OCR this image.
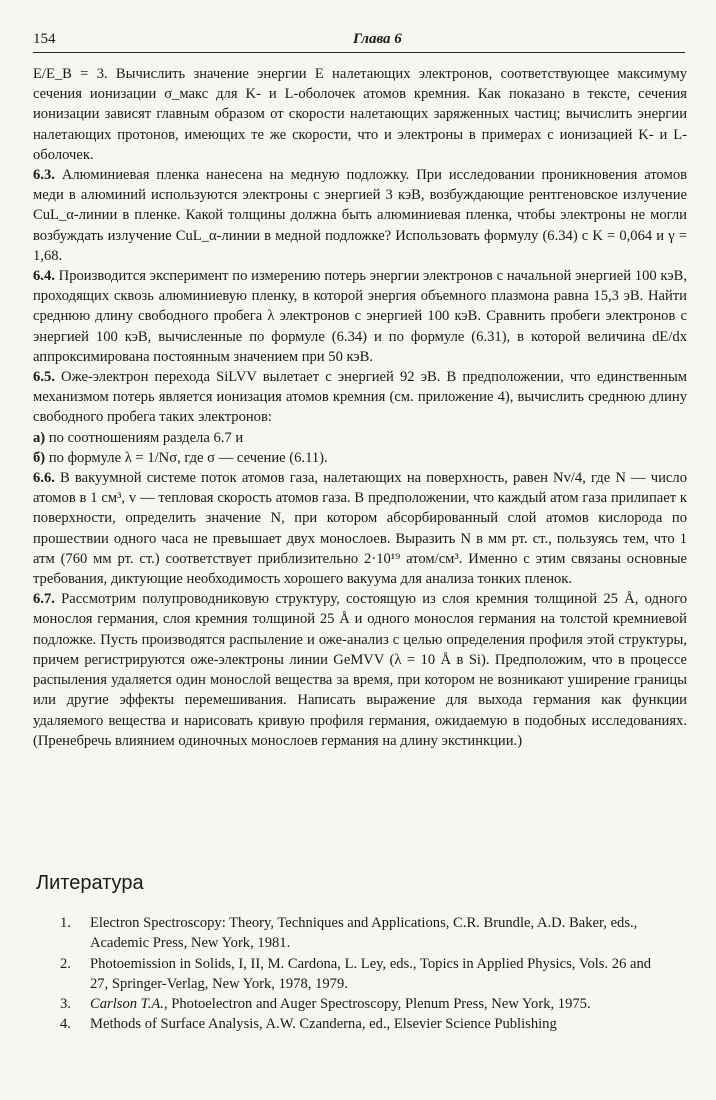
154	Глава 6

E/E_B = 3. Вычислить значение энергии E налетающих электронов, соответствующее максимуму сечения ионизации σ_макс для K- и L-оболочек атомов кремния. Как показано в тексте, сечения ионизации зависят главным образом от скорости налетающих заряженных частиц; вычислить энергии налетающих протонов, имеющих те же скорости, что и электроны в примерах с ионизацией K- и L-оболочек.

6.3. Алюминиевая пленка нанесена на медную подложку. При исследовании проникновения атомов меди в алюминий используются электроны с энергией 3 кэВ, возбуждающие рентгеновское излучение CuL_α-линии в пленке. Какой толщины должна быть алюминиевая пленка, чтобы электроны не могли возбуждать излучение CuL_α-линии в медной подложке? Использовать формулу (6.34) с K = 0,064 и γ = 1,68.

6.4. Производится эксперимент по измерению потерь энергии электронов с начальной энергией 100 кэВ, проходящих сквозь алюминиевую пленку, в которой энергия объемного плазмона равна 15,3 эВ. Найти среднюю длину свободного пробега λ электронов с энергией 100 кэВ. Сравнить пробеги электронов с энергией 100 кэВ, вычисленные по формуле (6.34) и по формуле (6.31), в которой величина dE/dx аппроксимирована постоянным значением при 50 кэВ.

6.5. Оже-электрон перехода SiLVV вылетает с энергией 92 эВ. В предположении, что единственным механизмом потерь является ионизация атомов кремния (см. приложение 4), вычислить среднюю длину свободного пробега таких электронов:

а) по соотношениям раздела 6.7 и

б) по формуле λ = 1/Nσ, где σ — сечение (6.11).

6.6. В вакуумной системе поток атомов газа, налетающих на поверхность, равен Nv/4, где N — число атомов в 1 см³, v — тепловая скорость атомов газа. В предположении, что каждый атом газа прилипает к поверхности, определить значение N, при котором абсорбированный слой атомов кислорода по прошествии одного часа не превышает двух монослоев. Выразить N в мм рт. ст., пользуясь тем, что 1 атм (760 мм рт. ст.) соответствует приблизительно 2·10¹⁹ атом/см³. Именно с этим связаны основные требования, диктующие необходимость хорошего вакуума для анализа тонких пленок.

6.7. Рассмотрим полупроводниковую структуру, состоящую из слоя кремния толщиной 25 Å, одного монослоя германия, слоя кремния толщиной 25 Å и одного монослоя германия на толстой кремниевой подложке. Пусть производятся распыление и оже-анализ с целью определения профиля этой структуры, причем регистрируются оже-электроны линии GeMVV (λ = 10 Å в Si). Предположим, что в процессе распыления удаляется один монослой вещества за время, при котором не возникают уширение границы или другие эффекты перемешивания. Написать выражение для выхода германия как функции удаляемого вещества и нарисовать кривую профиля германия, ожидаемую в подобных исследованиях. (Пренебречь влиянием одиночных монослоев германия на длину экстинкции.)

Литература
1. Electron Spectroscopy: Theory, Techniques and Applications, C.R. Brundle, A.D. Baker, eds., Academic Press, New York, 1981.
2. Photoemission in Solids, I, II, M. Cardona, L. Ley, eds., Topics in Applied Physics, Vols. 26 and 27, Springer-Verlag, New York, 1978, 1979.
3. Carlson T.A., Photoelectron and Auger Spectroscopy, Plenum Press, New York, 1975.
4. Methods of Surface Analysis, A.W. Czanderna, ed., Elsevier Science Publishing
